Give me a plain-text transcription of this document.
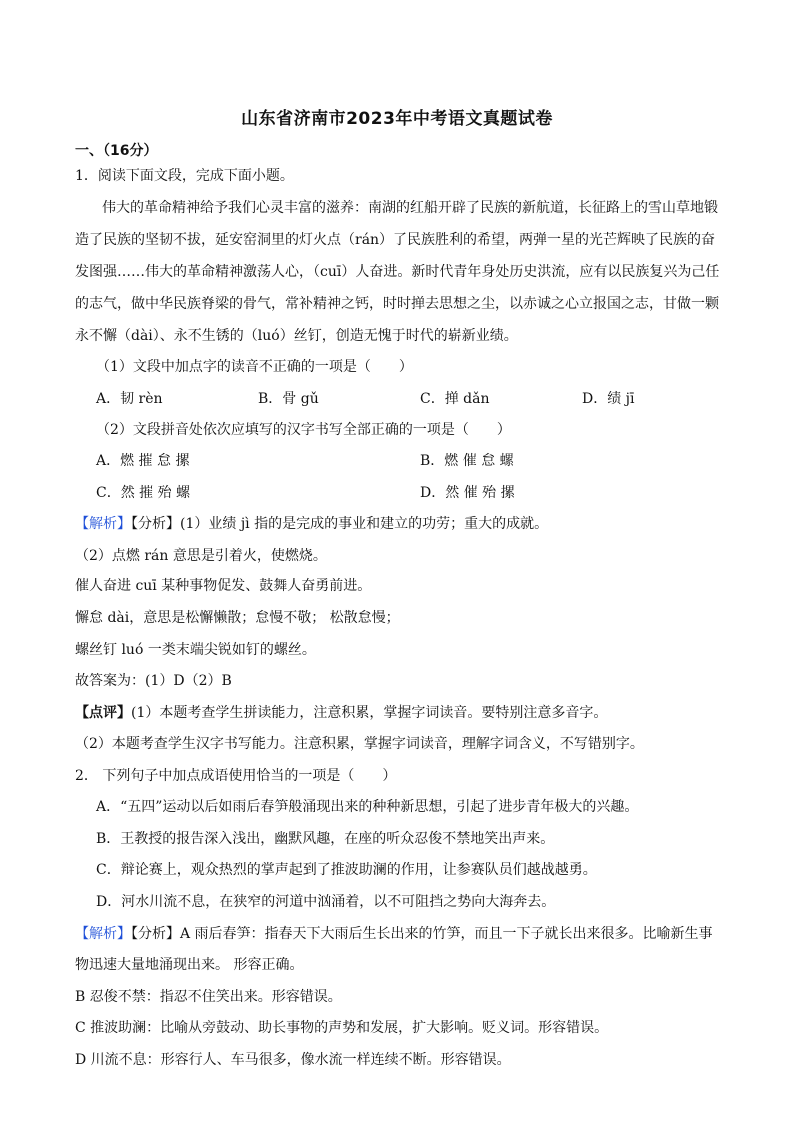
山东省济南市2023年中考语文真题试卷
一、（16分）
1．阅读下面文段，完成下面小题。
伟大的革命精神给予我们心灵丰富的滋养：南湖的红船开辟了民族的新航道，长征路上的雪山草地锻
造了民族的坚韧不拔，延安窑洞里的灯火点（rán）了民族胜利的希望，两弹一星的光芒辉映了民族的奋
发图强……伟大的革命精神激荡人心，（cuī）人奋进。新时代青年身处历史洪流，应有以民族复兴为己任
的志气，做中华民族脊梁的骨气，常补精神之钙，时时掸去思想之尘，以赤诚之心立报国之志，甘做一颗
永不懈（dài）、永不生锈的（luó）丝钉，创造无愧于时代的崭新业绩。
（1）文段中加点字的读音不正确的一项是（　　）
A．韧 rèn	B．骨 gǔ	C．掸 dǎn	D．绩 jī
（2）文段拼音处依次应填写的汉字书写全部正确的一项是（　　）
A．燃 摧 怠 摞	B．燃 催 怠 螺
C．然 摧 殆 螺	D．然 催 殆 摞
【解析】【分析】(1）业绩 jì 指的是完成的事业和建立的功劳；重大的成就。
（2）点燃 rán 意思是引着火，使燃烧。
催人奋进 cuī 某种事物促发、鼓舞人奋勇前进。
懈怠 dài，意思是松懈懒散；怠慢不敬； 松散怠慢；
螺丝钉 luó 一类末端尖锐如钉的螺丝。
故答案为：(1）D（2）B
【点评】(1）本题考查学生拼读能力，注意积累，掌握字词读音。要特别注意多音字。
（2）本题考查学生汉字书写能力。注意积累，掌握字词读音，理解字词含义，不写错别字。
2． 下列句子中加点成语使用恰当的一项是（　　）
A．“五四”运动以后如雨后春笋般涌现出来的种种新思想，引起了进步青年极大的兴趣。
B．王教授的报告深入浅出，幽默风趣，在座的听众忍俊不禁地笑出声来。
C．辩论赛上，观众热烈的掌声起到了推波助澜的作用，让参赛队员们越战越勇。
D．河水川流不息，在狭窄的河道中汹涌着，以不可阻挡之势向大海奔去。
【解析】【分析】A 雨后春笋：指春天下大雨后生长出来的竹笋，而且一下子就长出来很多。比喻新生事
物迅速大量地涌现出来。 形容正确。
B 忍俊不禁：指忍不住笑出来。形容错误。
C 推波助澜：比喻从旁鼓动、助长事物的声势和发展，扩大影响。贬义词。形容错误。
D 川流不息：形容行人、车马很多，像水流一样连续不断。形容错误。
